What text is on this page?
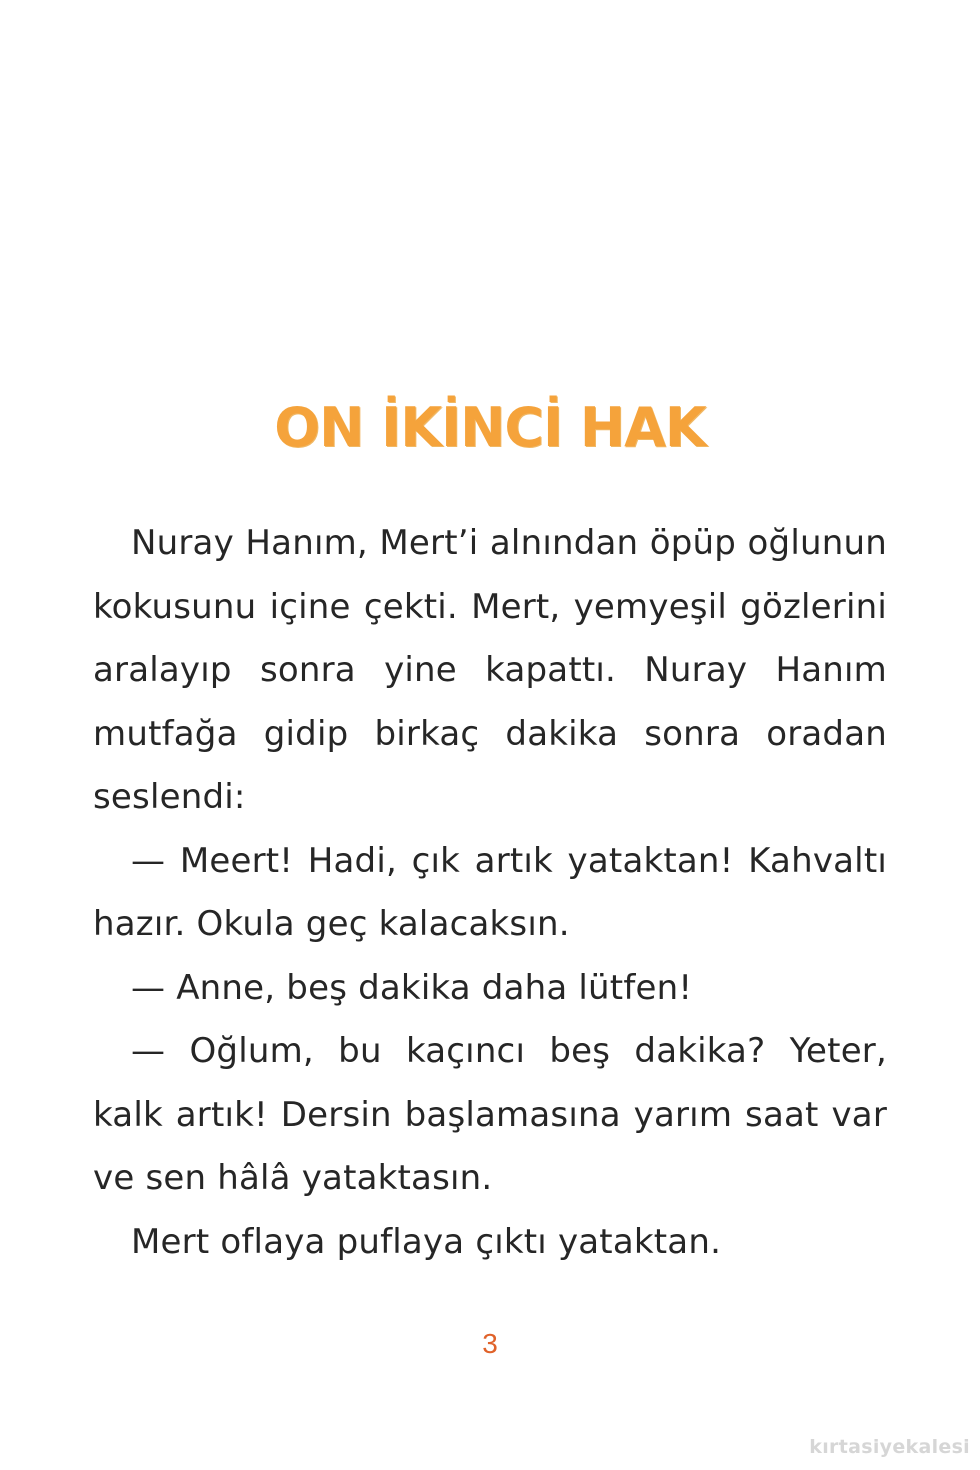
ON İKİNCİ HAK

Nuray Hanım, Mert’i alnından öpüp oğlunun kokusunu içine çekti. Mert, yemyeşil gözlerini aralayıp sonra yine kapattı. Nuray Hanım mutfağa gidip birkaç dakika sonra oradan seslendi:

— Meert! Hadi, çık artık yataktan! Kahvaltı hazır. Okula geç kalacaksın.

— Anne, beş dakika daha lütfen!

— Oğlum, bu kaçıncı beş dakika? Yeter, kalk artık! Dersin başlamasına yarım saat var ve sen hâlâ yataktasın.

Mert oflaya puflaya çıktı yataktan.

3
kırtasiyekalesi
